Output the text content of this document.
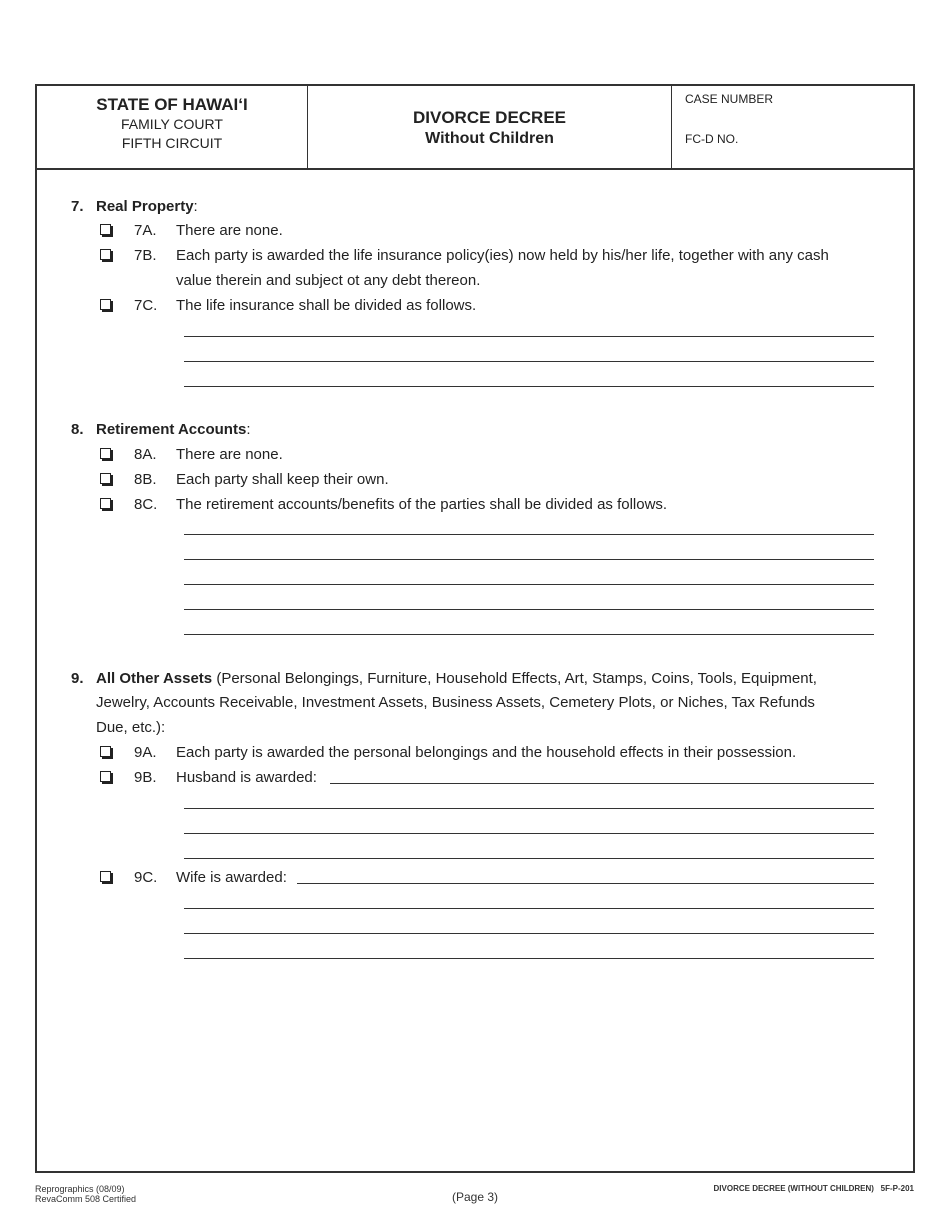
STATE OF HAWAI‘I
FAMILY COURT
FIFTH CIRCUIT
DIVORCE DECREE
Without Children
CASE NUMBER
FC-D NO.
7. Real Property:
7A. There are none.
7B. Each party is awarded the life insurance policy(ies) now held by his/her life, together with any cash
value therein and subject ot any debt thereon.
7C. The life insurance shall be divided as follows.
8. Retirement Accounts:
8A. There are none.
8B. Each party shall keep their own.
8C. The retirement accounts/benefits of the parties shall be divided as follows.
9. All Other Assets (Personal Belongings, Furniture, Household Effects, Art, Stamps, Coins, Tools, Equipment,
Jewelry, Accounts Receivable, Investment Assets, Business Assets, Cemetery Plots, or Niches, Tax Refunds
Due, etc.):
9A. Each party is awarded the personal belongings and the household effects in their possession.
9B. Husband is awarded:
9C. Wife is awarded:
Reprographics (08/09)
RevaComm 508 Certified	(Page 3)
DIVORCE DECREE (WITHOUT CHILDREN) 5F-P-201
